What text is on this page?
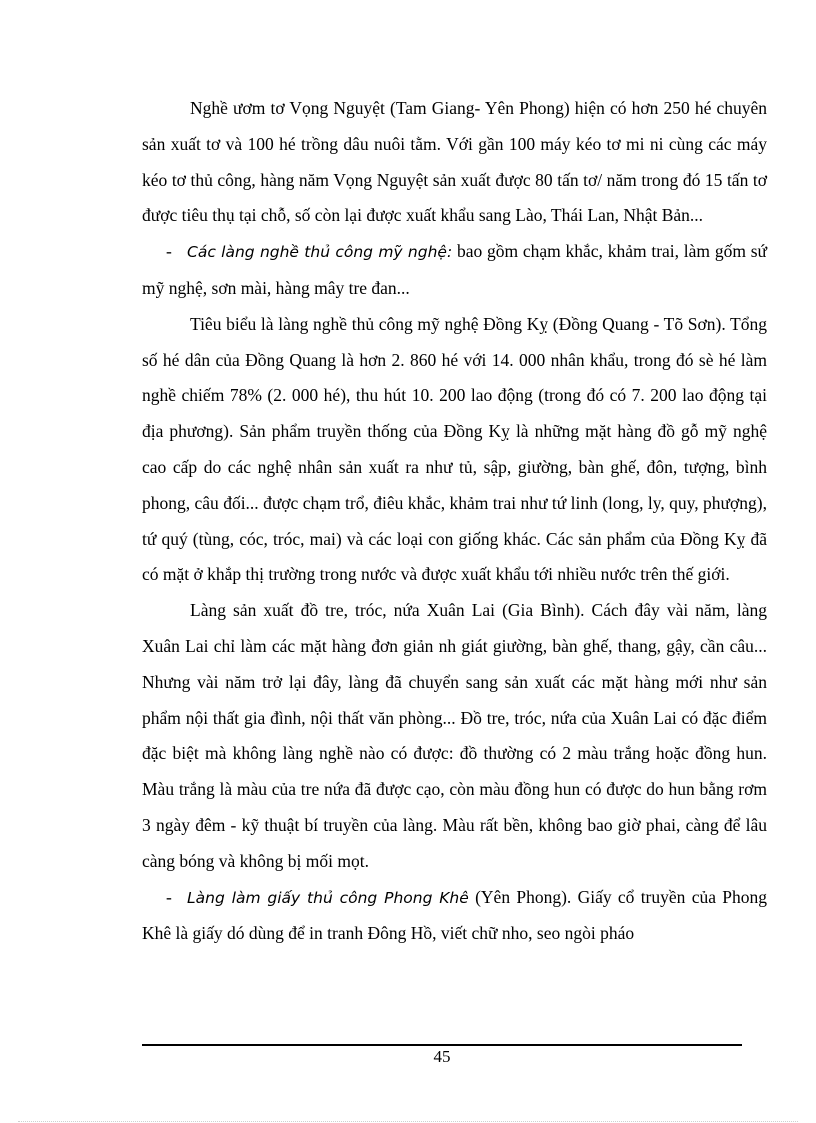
Nghề ươm tơ Vọng Nguyệt (Tam Giang- Yên Phong) hiện có hơn 250 hé chuyên sản xuất tơ và 100 hé trồng dâu nuôi tằm. Với gần 100 máy kéo tơ mi ni cùng các máy kéo tơ thủ công, hàng năm Vọng Nguyệt sản xuất được 80 tấn tơ/ năm trong đó 15 tấn tơ được tiêu thụ tại chỗ, số còn lại được xuất khẩu sang Lào, Thái Lan, Nhật Bản...

- Các làng nghề thủ công mỹ nghệ: bao gồm chạm khắc, khảm trai, làm gốm sứ mỹ nghệ, sơn mài, hàng mây tre đan...

Tiêu biểu là làng nghề thủ công mỹ nghệ Đồng Kỵ (Đồng Quang - Tõ Sơn). Tổng số hé dân của Đồng Quang là hơn 2. 860 hé với 14. 000 nhân khẩu, trong đó sè hé làm nghề chiếm 78% (2. 000 hé), thu hút 10. 200 lao động (trong đó có 7. 200 lao động tại địa phương). Sản phẩm truyền thống của Đồng Kỵ là những mặt hàng đồ gỗ mỹ nghệ cao cấp do các nghệ nhân sản xuất ra như tủ, sập, giường, bàn ghế, đôn, tượng, bình phong, câu đối... được chạm trổ, điêu khắc, khảm trai như tứ linh (long, ly, quy, phượng), tứ quý (tùng, cóc, tróc, mai) và các loại con giống khác. Các sản phẩm của Đồng Kỵ đã có mặt ở khắp thị trường trong nước và được xuất khẩu tới nhiều nước trên thế giới.

Làng sản xuất đồ tre, tróc, nứa Xuân Lai (Gia Bình). Cách đây vài năm, làng Xuân Lai chỉ làm các mặt hàng đơn giản nh giát giường, bàn ghế, thang, gậy, cần câu... Nhưng vài năm trở lại đây, làng đã chuyển sang sản xuất các mặt hàng mới như sản phẩm nội thất gia đình, nội thất văn phòng... Đồ tre, tróc, nứa của Xuân Lai có đặc điểm đặc biệt mà không làng nghề nào có được: đồ thường có 2 màu trắng hoặc đồng hun. Màu trắng là màu của tre nứa đã được cạo, còn màu đồng hun có được do hun bằng rơm 3 ngày đêm - kỹ thuật bí truyền của làng. Màu rất bền, không bao giờ phai, càng để lâu càng bóng và không bị mối mọt.

- Làng làm giấy thủ công Phong Khê (Yên Phong). Giấy cổ truyền của Phong Khê là giấy dó dùng để in tranh Đông Hồ, viết chữ nho, seo ngòi pháo

45
